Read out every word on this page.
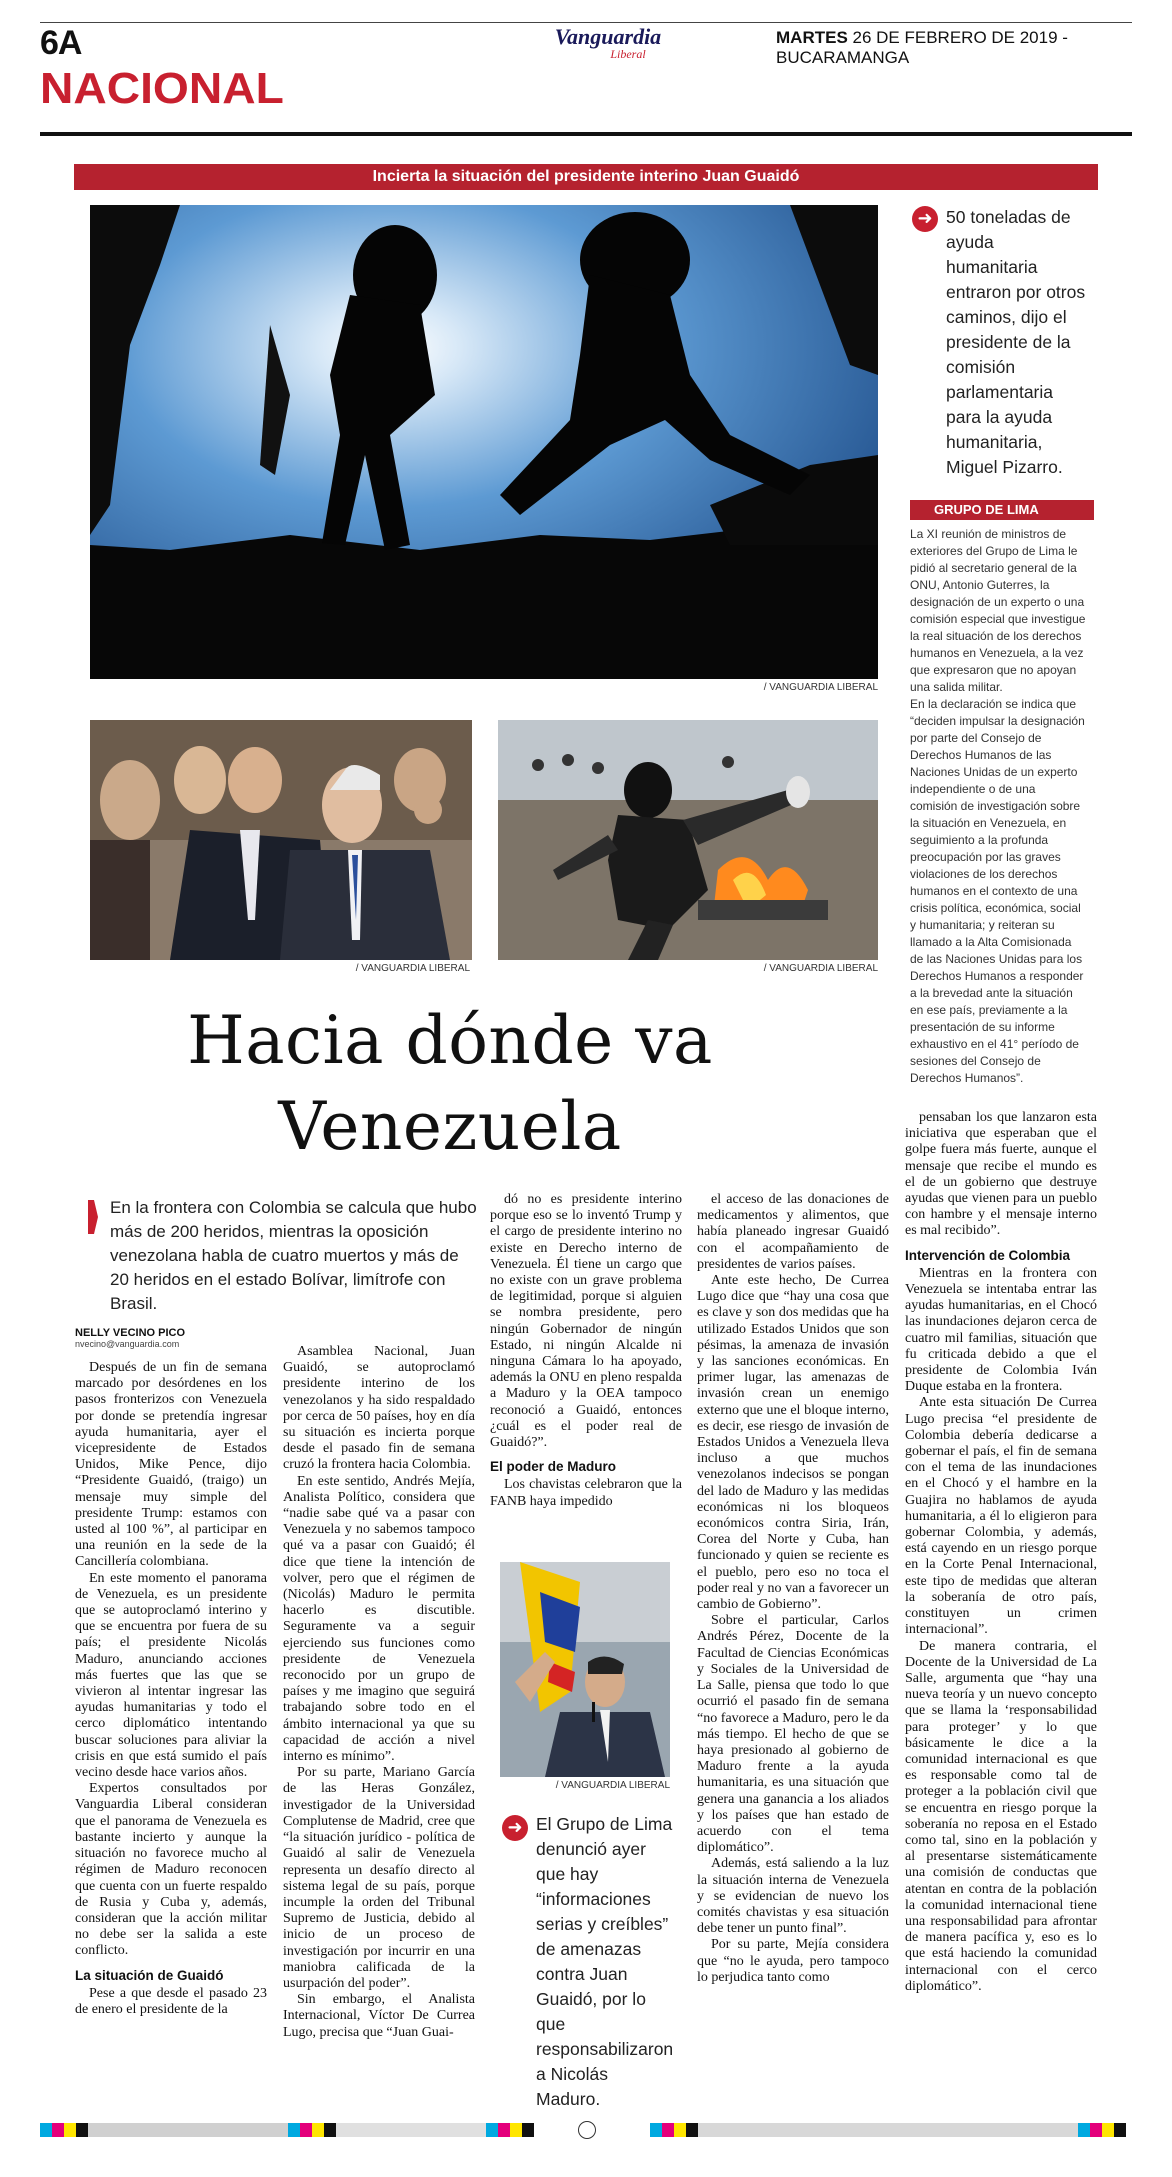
6A
NACIONAL
Vanguardia
Liberal
MARTES 26 DE FEBRERO DE 2019 - BUCARAMANGA
Incierta la situación del presidente interino Juan Guaidó
/ VANGUARDIA LIBERAL
➜ 50 toneladas de ayuda humanitaria entraron por otros caminos, dijo el presidente de la comisión parlamentaria para la ayuda humanitaria, Miguel Pizarro.
GRUPO DE LIMA
La XI reunión de ministros de exteriores del Grupo de Lima le pidió al secretario general de la ONU, Antonio Guterres, la designación de un experto o una comisión especial que investigue la real situación de los derechos humanos en Venezuela, a la vez que expresaron que no apoyan una salida militar.
En la declaración se indica que “deciden impulsar la designación por parte del Consejo de Derechos Humanos de las Naciones Unidas de un experto independiente o de una comisión de investigación sobre la situación en Venezuela, en seguimiento a la profunda preocupación por las graves violaciones de los derechos humanos en el contexto de una crisis política, económica, social y humanitaria; y reiteran su llamado a la Alta Comisionada de las Naciones Unidas para los Derechos Humanos a responder a la brevedad ante la situación en ese país, previamente a la presentación de su informe exhaustivo en el 41° período de sesiones del Consejo de Derechos Humanos”.
/ VANGUARDIA LIBERAL	/ VANGUARDIA LIBERAL
Hacia dónde va
Venezuela
En la frontera con Colombia se calcula que hubo más de 200 heridos, mientras la oposición venezolana habla de cuatro muertos y más de 20 heridos en el estado Bolívar, limítrofe con Brasil.
NELLY VECINO PICO
nvecino@vanguardia.com

Después de un fin de semana marcado por desórdenes en los pasos fronterizos con Venezuela por donde se pretendía ingresar ayuda humanitaria, ayer el vicepresidente de Estados Unidos, Mike Pence, dijo “Presidente Guaidó, (traigo) un mensaje muy simple del presidente Trump: estamos con usted al 100 %”, al participar en una reunión en la sede de la Cancillería colombiana.

En este momento el panorama de Venezuela, es un presidente que se autoproclamó interino y que se encuentra por fuera de su país; el presidente Nicolás Maduro, anunciando acciones más fuertes que las que se vivieron al intentar ingresar las ayudas humanitarias y todo el cerco diplomático intentando buscar soluciones para aliviar la crisis en que está sumido el país vecino desde hace varios años.

Expertos consultados por Vanguardia Liberal consideran que el panorama de Venezuela es bastante incierto y aunque la situación no favorece mucho al régimen de Maduro reconocen que cuenta con un fuerte respaldo de Rusia y Cuba y, además, consideran que la acción militar no debe ser la salida a este conflicto.

La situación de Guaidó

Pese a que desde el pasado 23 de enero el presidente de la

Asamblea Nacional, Juan Guaidó, se autoproclamó presidente interino de los venezolanos y ha sido respaldado por cerca de 50 países, hoy en día su situación es incierta porque desde el pasado fin de semana cruzó la frontera hacia Colombia.

En este sentido, Andrés Mejía, Analista Político, considera que “nadie sabe qué va a pasar con Venezuela y no sabemos tampoco qué va a pasar con Guaidó; él dice que tiene la intención de volver, pero que el régimen de (Nicolás) Maduro le permita hacerlo es discutible. Seguramente va a seguir ejerciendo sus funciones como presidente de Venezuela reconocido por un grupo de países y me imagino que seguirá trabajando sobre todo en el ámbito internacional ya que su capacidad de acción a nivel interno es mínimo”.

Por su parte, Mariano García de las Heras González, investigador de la Universidad Complutense de Madrid, cree que “la situación jurídico - política de Guaidó al salir de Venezuela representa un desafío directo al sistema legal de su país, porque incumple la orden del Tribunal Supremo de Justicia, debido al inicio de un proceso de investigación por incurrir en una maniobra calificada de la usurpación del poder”.

Sin embargo, el Analista Internacional, Víctor De Currea Lugo, precisa que “Juan Guai-

dó no es presidente interino porque eso se lo inventó Trump y el cargo de presidente interino no existe en Derecho interno de Venezuela. Él tiene un cargo que no existe con un grave problema de legitimidad, porque si alguien se nombra presidente, pero ningún Gobernador de ningún Estado, ni ningún Alcalde ni ninguna Cámara lo ha apoyado, además la ONU en pleno respalda a Maduro y la OEA tampoco reconoció a Guaidó, entonces ¿cuál es el poder real de Guaidó?”.

El poder de Maduro

Los chavistas celebraron que la FANB haya impedido

/ VANGUARDIA LIBERAL
➜ El Grupo de Lima denunció ayer que hay “informaciones serias y creíbles” de amenazas contra Juan Guaidó, por lo que responsabilizaron a Nicolás Maduro.

el acceso de las donaciones de medicamentos y alimentos, que había planeado ingresar Guaidó con el acompañamiento de presidentes de varios países.

Ante este hecho, De Currea Lugo dice que “hay una cosa que es clave y son dos medidas que ha utilizado Estados Unidos que son pésimas, la amenaza de invasión y las sanciones económicas. En primer lugar, las amenazas de invasión crean un enemigo externo que une el bloque interno, es decir, ese riesgo de invasión de Estados Unidos a Venezuela lleva incluso a que muchos venezolanos indecisos se pongan del lado de Maduro y las medidas económicas ni los bloqueos económicos contra Siria, Irán, Corea del Norte y Cuba, han funcionado y quien se reciente es el pueblo, pero eso no toca el poder real y no van a favorecer un cambio de Gobierno”.

Sobre el particular, Carlos Andrés Pérez, Docente de la Facultad de Ciencias Económicas y Sociales de la Universidad de La Salle, piensa que todo lo que ocurrió el pasado fin de semana “no favorece a Maduro, pero le da más tiempo. El hecho de que se haya presionado al gobierno de Maduro frente a la ayuda humanitaria, es una situación que genera una ganancia a los aliados y los países que han estado de acuerdo con el tema diplomático”.

Además, está saliendo a la luz la situación interna de Venezuela y se evidencian de nuevo los comités chavistas y esa situación debe tener un punto final”.

Por su parte, Mejía considera que “no le ayuda, pero tampoco lo perjudica tanto como

pensaban los que lanzaron esta iniciativa que esperaban que el golpe fuera más fuerte, aunque el mensaje que recibe el mundo es el de un gobierno que destruye ayudas que vienen para un pueblo con hambre y el mensaje interno es mal recibido”.

Intervención de Colombia

Mientras en la frontera con Venezuela se intentaba entrar las ayudas humanitarias, en el Chocó las inundaciones dejaron cerca de cuatro mil familias, situación que fu criticada debido a que el presidente de Colombia Iván Duque estaba en la frontera.

Ante esta situación De Currea Lugo precisa “el presidente de Colombia debería dedicarse a gobernar el país, el fin de semana con el tema de las inundaciones en el Chocó y el hambre en la Guajira no hablamos de ayuda humanitaria, a él lo eligieron para gobernar Colombia, y además, está cayendo en un riesgo porque en la Corte Penal Internacional, este tipo de medidas que alteran la soberanía de otro país, constituyen un crimen internacional”.

De manera contraria, el Docente de la Universidad de La Salle, argumenta que “hay una nueva teoría y un nuevo concepto que se llama la ‘responsabilidad para proteger’ y lo que básicamente le dice a la comunidad internacional es que es responsable como tal de proteger a la población civil que se encuentra en riesgo porque la soberanía no reposa en el Estado como tal, sino en la población y al presentarse sistemáticamente una comisión de conductas que atentan en contra de la población la comunidad internacional tiene una responsabilidad para afrontar de manera pacífica y, eso es lo que está haciendo la comunidad internacional con el cerco diplomático”.
